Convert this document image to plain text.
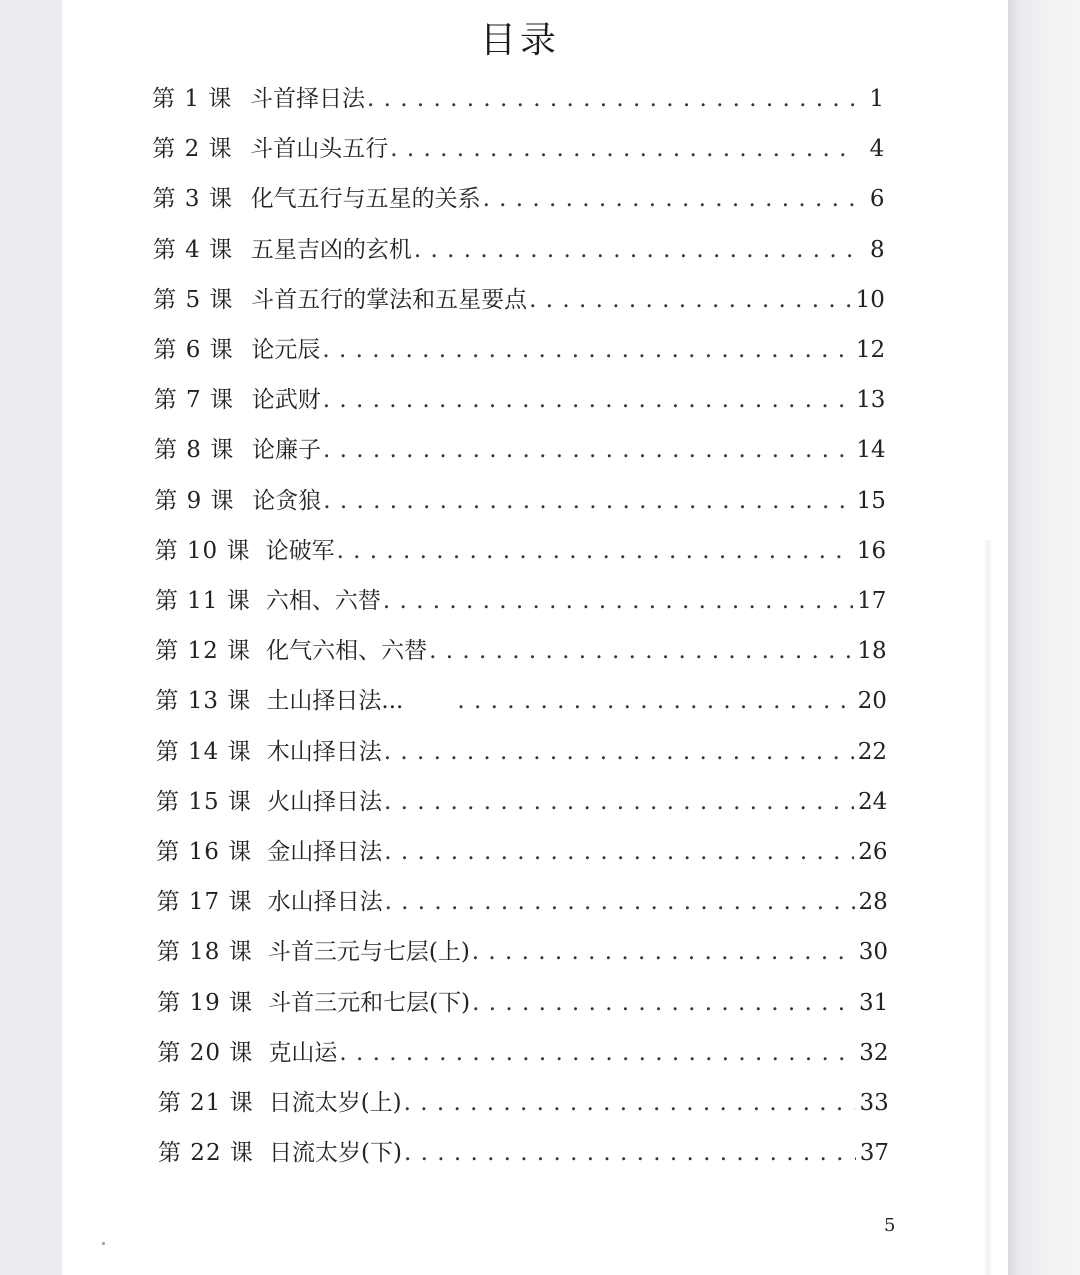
目录
第 1 课 斗首择日法 . . .	1
第 2 课 斗首山头五行 . . .	4
第 3 课 化气五行与五星的关系 . . .	6
第 4 课 五星吉凶的玄机 . . .	8
第 5 课 斗首五行的掌法和五星要点 . . .	10
第 6 课 论元辰 . . .	12
第 7 课 论武财 . . .	13
第 8 课 论廉子 . . .	14
第 9 课 论贪狼 . . .	15
第 10 课 论破军 . . .	16
第 11 课 六相、六替 . . .	17
第 12 课 化气六相、六替 . . .	18
第 13 课 土山择日法... . . .	20
第 14 课 木山择日法 . . .	22
第 15 课 火山择日法 . . .	24
第 16 课 金山择日法 . . .	26
第 17 课 水山择日法 . . .	28
第 18 课 斗首三元与七层(上) . . .	30
第 19 课 斗首三元和七层(下) . . .	31
第 20 课 克山运 . . .	32
第 21 课 日流太岁(上) . . .	33
第 22 课 日流太岁(下) . . .	37
5
